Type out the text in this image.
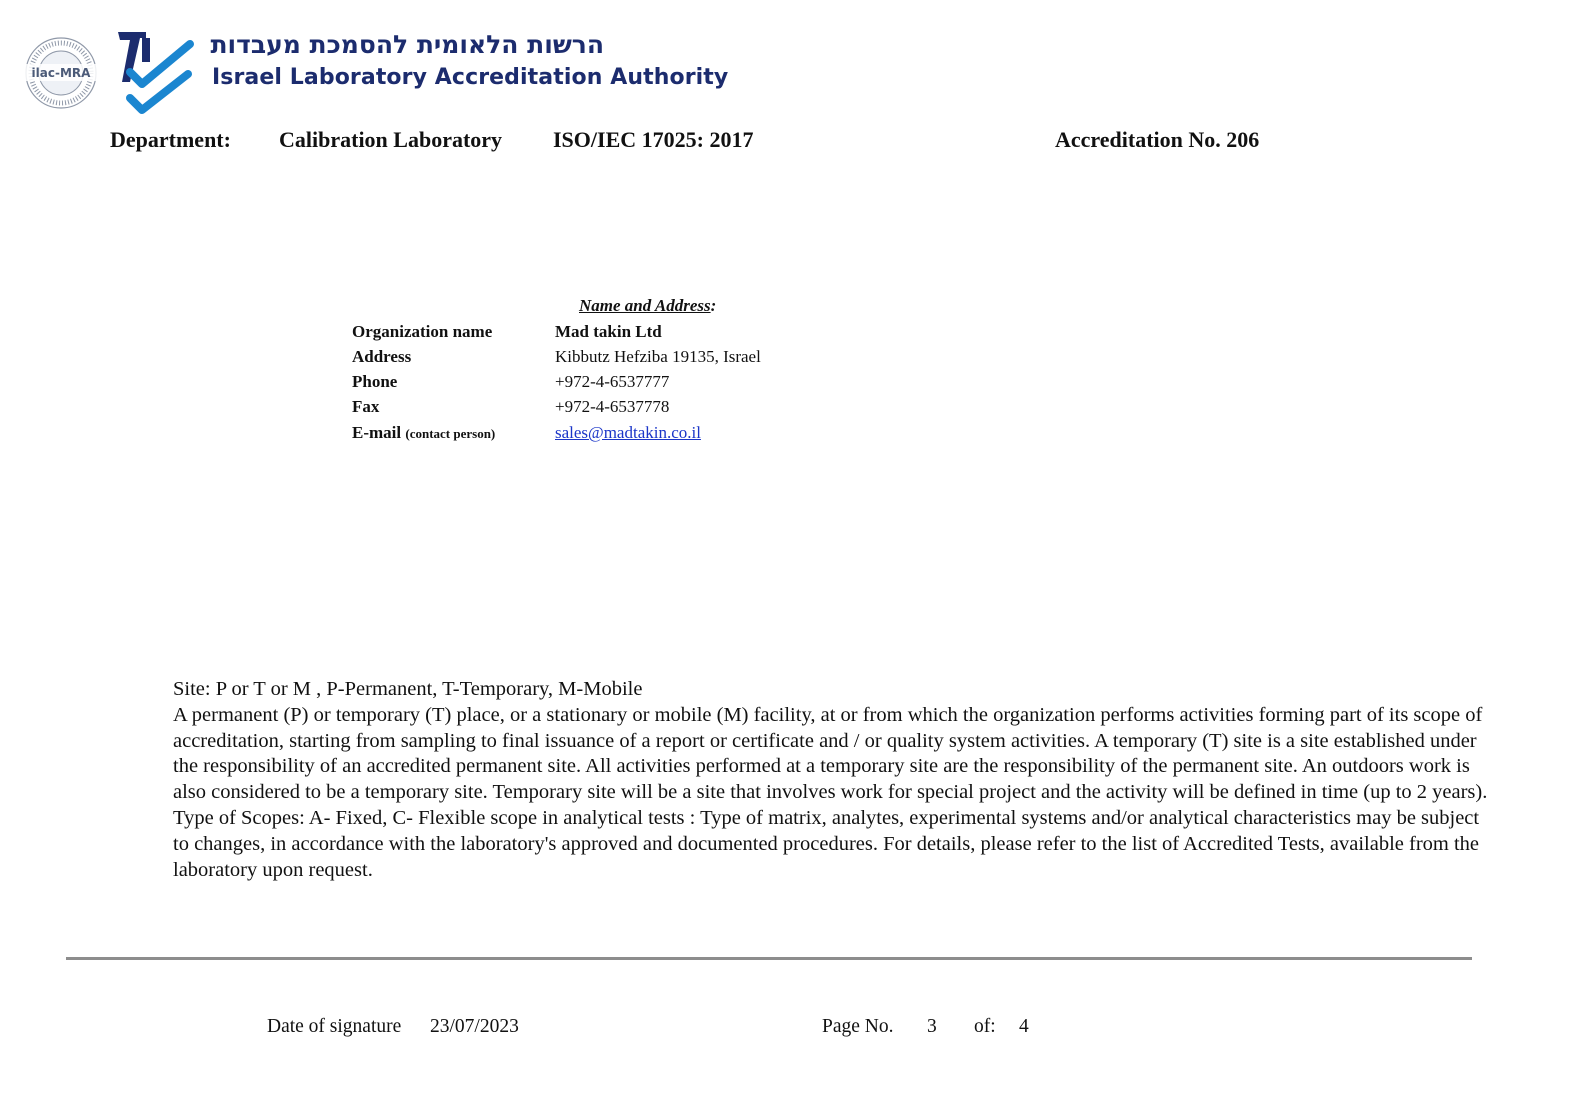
ilac-MRA
הרשות הלאומית להסמכת מעבדות
Israel Laboratory Accreditation Authority
Department: Calibration Laboratory ISO/IEC 17025: 2017	Accreditation No. 206
Name and Address:
Organization name	Mad takin Ltd
Address	Kibbutz Hefziba 19135, Israel
Phone	+972-4-6537777
Fax	+972-4-6537778
E-mail (contact person)	sales@madtakin.co.il

Site: P or T or M , P-Permanent, T-Temporary, M-Mobile

A permanent (P) or temporary (T) place, or a stationary or mobile (M) facility, at or from which the organization performs activities forming part of its scope of accreditation, starting from sampling to final issuance of a report or certificate and / or quality system activities. A temporary (T) site is a site established under the responsibility of an accredited permanent site. All activities performed at a temporary site are the responsibility of the permanent site. An outdoors work is also considered to be a temporary site. Temporary site will be a site that involves work for special project and the activity will be defined in time (up to 2 years).

Type of Scopes: A- Fixed, C- Flexible scope in analytical tests : Type of matrix, analytes, experimental systems and/or analytical characteristics may be subject to changes, in accordance with the laboratory's approved and documented procedures. For details, please refer to the list of Accredited Tests, available from the laboratory upon request.

Date of signature 23/07/2023	Page No. 3 of: 4
